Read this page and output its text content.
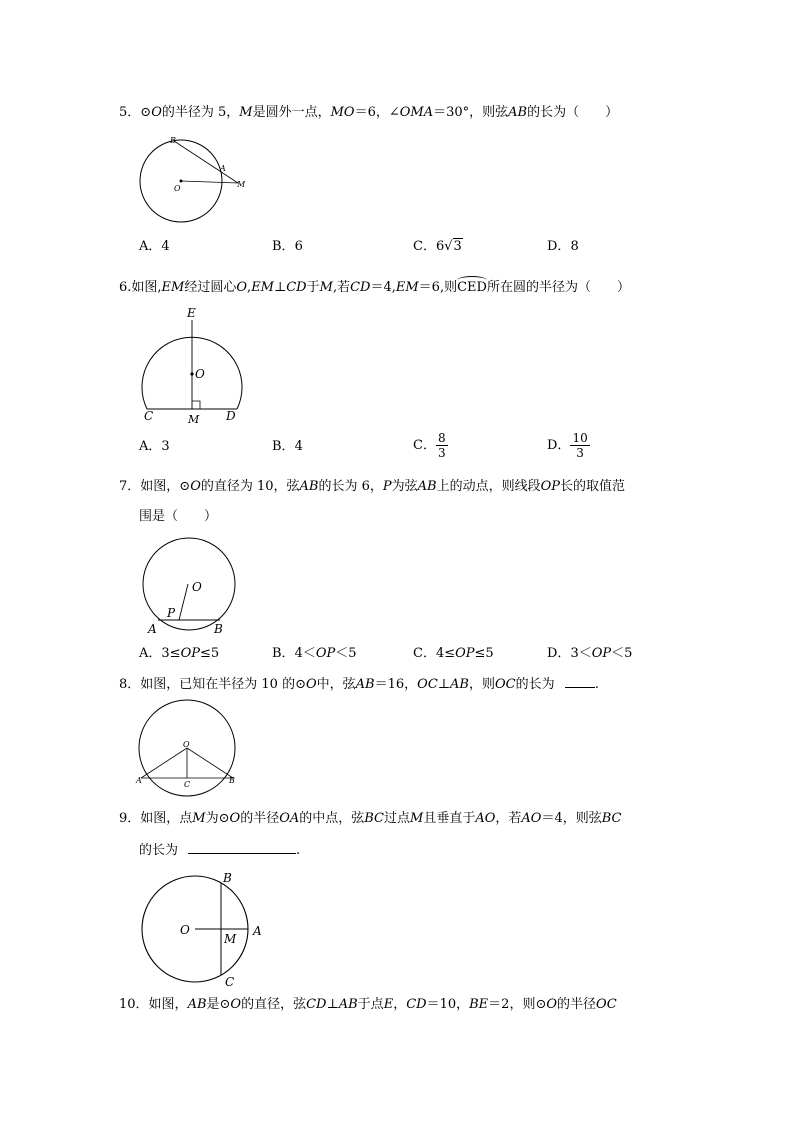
5．⊙O的半径为 5，M是圆外一点，MO＝6，∠OMA＝30°，则弦AB的长为（　　）
B
A
O	M
A．4	B．6	C．6√3	D．8
6.如图,EM经过圆心O,EM⊥CD于M,若CD＝4,EM＝6,则CED所在圆的半径为（　　）
E
O
C	M D
A．3	B．4	C． $\frac{8}{3}$	D． $\frac{10}{3}$
7．如图，⊙O的直径为 10，弦AB的长为 6，P为弦AB上的动点，则线段OP长的取值范
围是（　　）
O
P
A	B
A．3≤OP≤5	B．4＜OP＜5	C．4≤OP≤5	D．3＜OP＜5
8．如图，已知在半径为 10 的⊙O中，弦AB＝16，OC⊥AB，则OC的长为	.
O
A	C	B
9．如图，点M为⊙O的半径OA的中点，弦BC过点M且垂直于AO，若AO＝4，则弦BC
的长为	.
B
O
M
A
C
10．如图，AB是⊙O的直径，弦CD⊥AB于点E，CD＝10，BE＝2，则⊙O的半径OC
